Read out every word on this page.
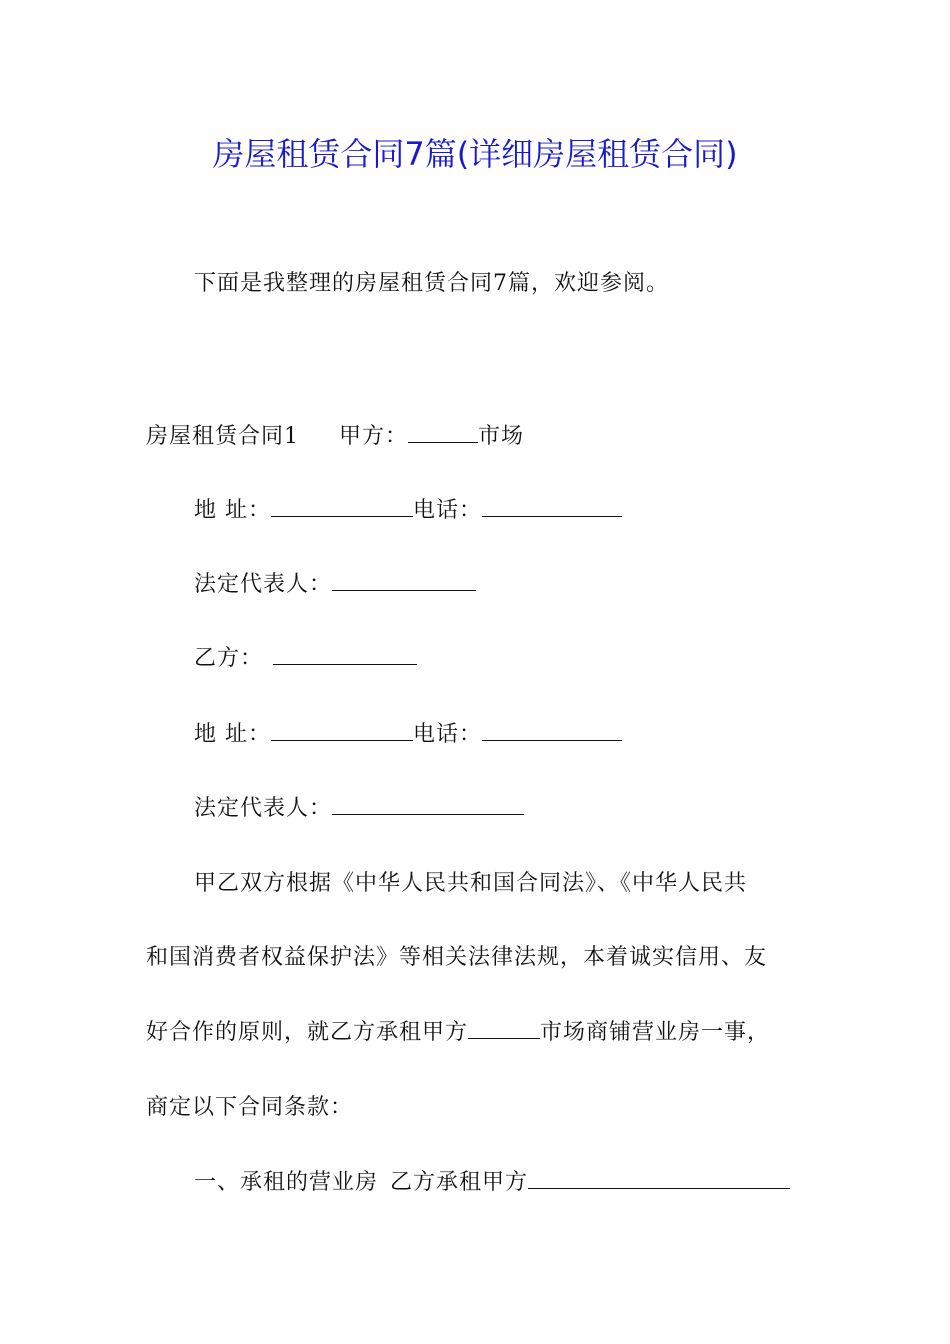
房屋租赁合同7篇(详细房屋租赁合同)
下面是我整理的房屋租赁合同7篇，欢迎参阅。
房屋租赁合同1 甲方：	市场
地 址：	电话：
法定代表人：
乙方：
地 址：	电话：
法定代表人：
甲乙双方根据《中华人民共和国合同法》、《中华人民共
和国消费者权益保护法》等相关法律法规，本着诚实信用、友
好合作的原则，就乙方承租甲方	市场商铺营业房一事，
商定以下合同条款：
一、承租的营业房 乙方承租甲方
